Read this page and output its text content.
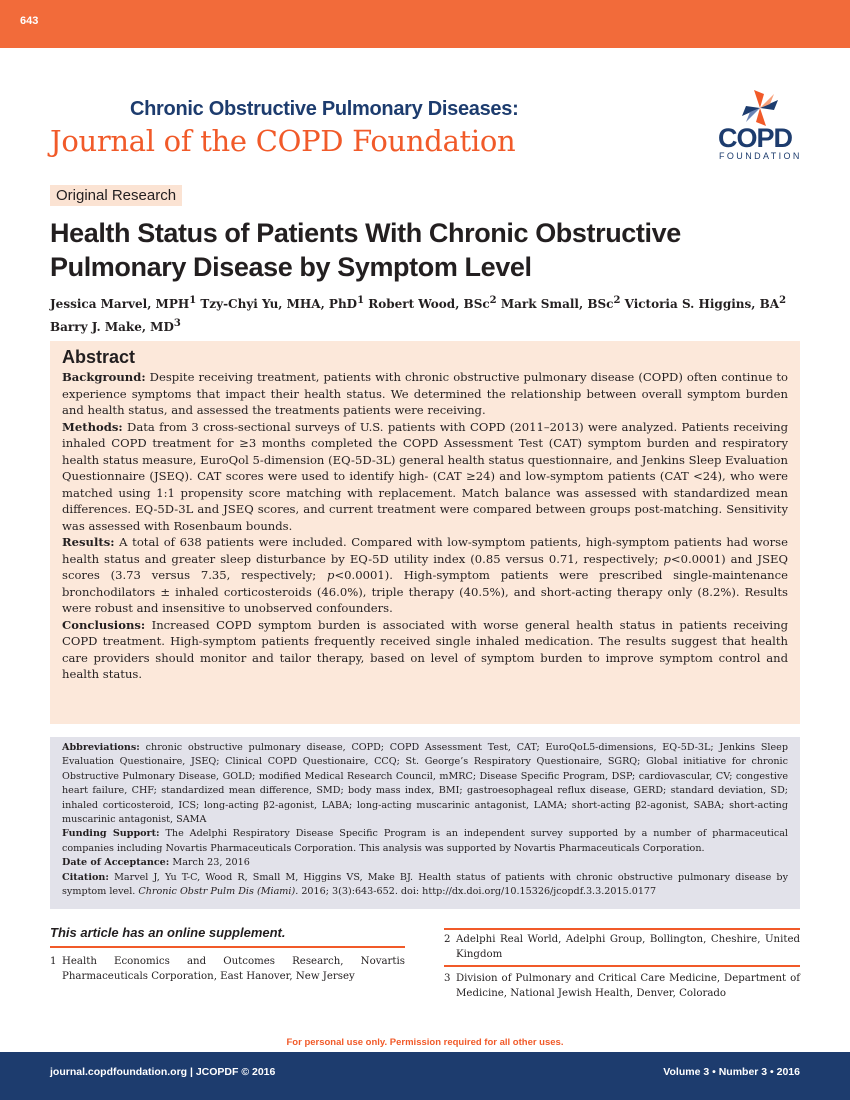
643
Chronic Obstructive Pulmonary Diseases:
Journal of the COPD Foundation	COPD
FOUNDATION
Original Research
Health Status of Patients With Chronic Obstructive Pulmonary Disease by Symptom Level
Jessica Marvel, MPH$^1$ Tzy-Chyi Yu, MHA, PhD$^1$ Robert Wood, BSc$^2$ Mark Small, BSc$^2$ Victoria S. Higgins, $BA^2$
Barry J. Make, $MD^3$
Abstract

Background: Despite receiving treatment, patients with chronic obstructive pulmonary disease (COPD) often continue to experience symptoms that impact their health status. We determined the relationship between overall symptom burden and health status, and assessed the treatments patients were receiving.

Methods: Data from 3 cross-sectional surveys of U.S. patients with COPD (2011–2013) were analyzed. Patients receiving inhaled COPD treatment for ≥3 months completed the COPD Assessment Test (CAT) symptom burden and respiratory health status measure, EuroQol 5-dimension (EQ-5D-3L) general health status questionnaire, and Jenkins Sleep Evaluation Questionnaire (JSEQ). CAT scores were used to identify high- (CAT ≥24) and low-symptom patients (CAT <24), who were matched using 1:1 propensity score matching with replacement. Match balance was assessed with standardized mean differences. EQ-5D-3L and JSEQ scores, and current treatment were compared between groups post-matching. Sensitivity was assessed with Rosenbaum bounds.

Results: A total of 638 patients were included. Compared with low-symptom patients, high-symptom patients had worse health status and greater sleep disturbance by EQ-5D utility index (0.85 versus 0.71, respectively; p<0.0001) and JSEQ scores (3.73 versus 7.35, respectively; p<0.0001). High-symptom patients were prescribed single-maintenance bronchodilators ± inhaled corticosteroids (46.0%), triple therapy (40.5%), and short-acting therapy only (8.2%). Results were robust and insensitive to unobserved confounders.

Conclusions: Increased COPD symptom burden is associated with worse general health status in patients receiving COPD treatment. High-symptom patients frequently received single inhaled medication. The results suggest that health care providers should monitor and tailor therapy, based on level of symptom burden to improve symptom control and health status.

Abbreviations: chronic obstructive pulmonary disease, COPD; COPD Assessment Test, CAT; EuroQoL5-dimensions, EQ-5D-3L; Jenkins Sleep Evaluation Questionaire, JSEQ; Clinical COPD Questionaire, CCQ; St. George’s Respiratory Questionaire, SGRQ; Global initiative for chronic Obstructive Pulmonary Disease, GOLD; modified Medical Research Council, mMRC; Disease Specific Program, DSP; cardiovascular, CV; congestive heart failure, CHF; standardized mean difference, SMD; body mass index, BMI; gastroesophageal reflux disease, GERD; standard deviation, SD; inhaled corticosteroid, ICS; long-acting β2-agonist, LABA; long-acting muscarinic antagonist, LAMA; short-acting β2-agonist, SABA; short-acting muscarinic antagonist, SAMA

Funding Support: The Adelphi Respiratory Disease Specific Program is an independent survey supported by a number of pharmaceutical companies including Novartis Pharmaceuticals Corporation. This analysis was supported by Novartis Pharmaceuticals Corporation.

Date of Acceptance: March 23, 2016

Citation: Marvel J, Yu T-C, Wood R, Small M, Higgins VS, Make BJ. Health status of patients with chronic obstructive pulmonary disease by symptom level. Chronic Obstr Pulm Dis (Miami). 2016; 3(3):643-652. doi: http://dx.doi.org/10.15326/jcopdf.3.3.2015.0177

This article has an online supplement.
1 Health Economics and Outcomes Research, Novartis Pharmaceuticals Corporation, East Hanover, New Jersey
2 Adelphi Real World, Adelphi Group, Bollington, Cheshire, United Kingdom
3 Division of Pulmonary and Critical Care Medicine, Department of Medicine, National Jewish Health, Denver, Colorado
For personal use only. Permission required for all other uses.
journal.copdfoundation.org | JCOPDF © 2016	Volume 3 • Number 3 • 2016
